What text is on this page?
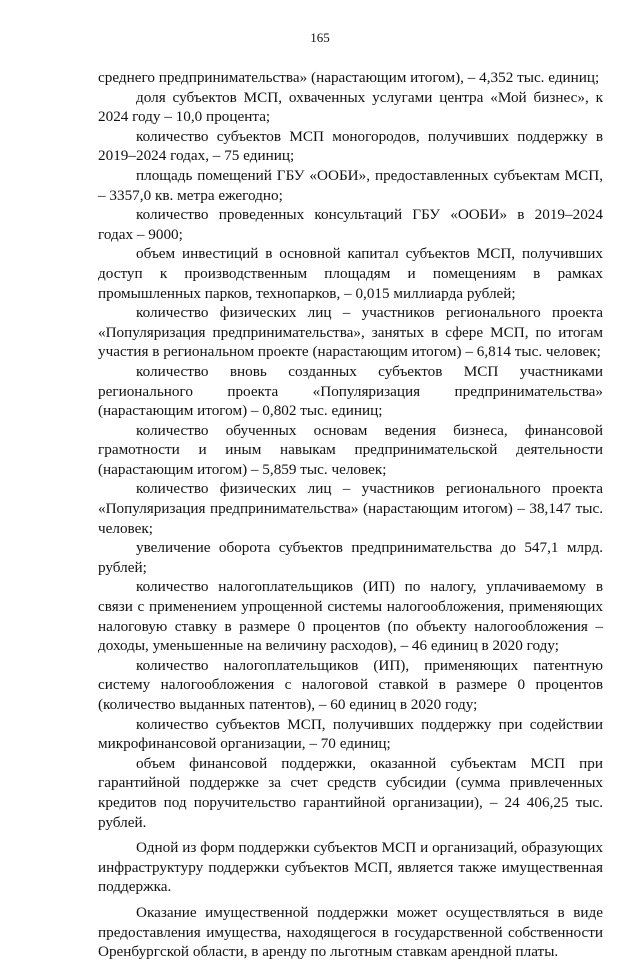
165

среднего предпринимательства» (нарастающим итогом), – 4,352 тыс. единиц;

доля субъектов МСП, охваченных услугами центра «Мой бизнес», к 2024 году – 10,0 процента;

количество субъектов МСП моногородов, получивших поддержку в 2019–2024 годах, – 75 единиц;

площадь помещений ГБУ «ООБИ», предоставленных субъектам МСП, – 3357,0 кв. метра ежегодно;

количество проведенных консультаций ГБУ «ООБИ» в 2019–2024 годах – 9000;

объем инвестиций в основной капитал субъектов МСП, получивших доступ к производственным площадям и помещениям в рамках промышленных парков, технопарков, – 0,015 миллиарда рублей;

количество физических лиц – участников регионального проекта «Популяризация предпринимательства», занятых в сфере МСП, по итогам участия в региональном проекте (нарастающим итогом) – 6,814 тыс. человек;

количество вновь созданных субъектов МСП участниками регионального проекта «Популяризация предпринимательства» (нарастающим итогом) – 0,802 тыс. единиц;

количество обученных основам ведения бизнеса, финансовой грамотности и иным навыкам предпринимательской деятельности (нарастающим итогом) – 5,859 тыс. человек;

количество физических лиц – участников регионального проекта «Популяризация предпринимательства» (нарастающим итогом) – 38,147 тыс. человек;

увеличение оборота субъектов предпринимательства до 547,1 млрд. рублей;

количество налогоплательщиков (ИП) по налогу, уплачиваемому в связи с применением упрощенной системы налогообложения, применяющих налоговую ставку в размере 0 процентов (по объекту налогообложения – доходы, уменьшенные на величину расходов), – 46 единиц в 2020 году;

количество налогоплательщиков (ИП), применяющих патентную систему налогообложения с налоговой ставкой в размере 0 процентов (количество выданных патентов), – 60 единиц в 2020 году;

количество субъектов МСП, получивших поддержку при содействии микрофинансовой организации, – 70 единиц;

объем финансовой поддержки, оказанной субъектам МСП при гарантийной поддержке за счет средств субсидии (сумма привлеченных кредитов под поручительство гарантийной организации), – 24 406,25 тыс. рублей.

Одной из форм поддержки субъектов МСП и организаций, образующих инфраструктуру поддержки субъектов МСП, является также имущественная поддержка.

Оказание имущественной поддержки может осуществляться в виде предоставления имущества, находящегося в государственной собственности Оренбургской области, в аренду по льготным ставкам арендной платы.
